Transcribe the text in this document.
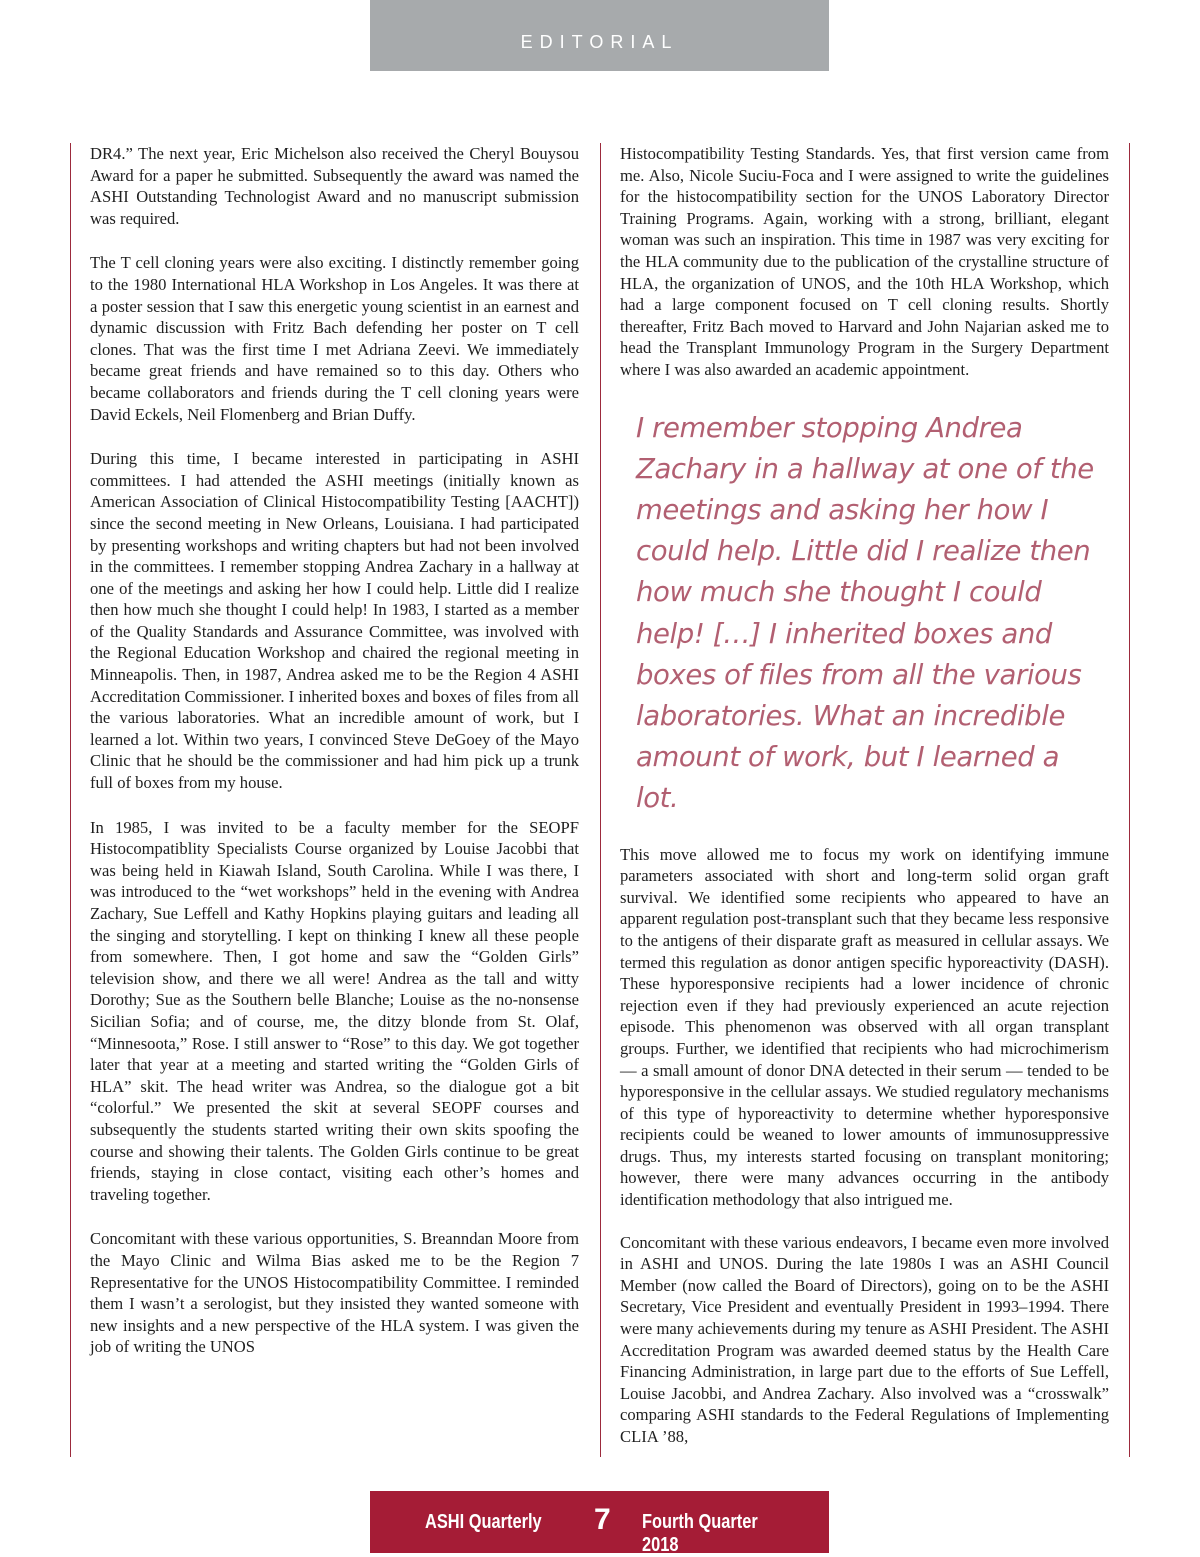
EDITORIAL

DR4.” The next year, Eric Michelson also received the Cheryl Bouysou Award for a paper he submitted. Subsequently the award was named the ASHI Outstanding Technologist Award and no manuscript submission was required.

The T cell cloning years were also exciting. I distinctly remember going to the 1980 International HLA Workshop in Los Angeles. It was there at a poster session that I saw this energetic young scientist in an earnest and dynamic discussion with Fritz Bach defending her poster on T cell clones. That was the first time I met Adriana Zeevi. We immediately became great friends and have remained so to this day. Others who became collaborators and friends during the T cell cloning years were David Eckels, Neil Flomenberg and Brian Duffy.

During this time, I became interested in participating in ASHI committees. I had attended the ASHI meetings (initially known as American Association of Clinical Histocompatibility Testing [AACHT]) since the second meeting in New Orleans, Louisiana. I had participated by presenting workshops and writing chapters but had not been involved in the committees. I remember stopping Andrea Zachary in a hallway at one of the meetings and asking her how I could help. Little did I realize then how much she thought I could help! In 1983, I started as a member of the Quality Standards and Assurance Committee, was involved with the Regional Education Workshop and chaired the regional meeting in Minneapolis. Then, in 1987, Andrea asked me to be the Region 4 ASHI Accreditation Commissioner. I inherited boxes and boxes of files from all the various laboratories. What an incredible amount of work, but I learned a lot. Within two years, I convinced Steve DeGoey of the Mayo Clinic that he should be the commissioner and had him pick up a trunk full of boxes from my house.

In 1985, I was invited to be a faculty member for the SEOPF Histocompatiblity Specialists Course organized by Louise Jacobbi that was being held in Kiawah Island, South Carolina. While I was there, I was introduced to the “wet workshops” held in the evening with Andrea Zachary, Sue Leffell and Kathy Hopkins playing guitars and leading all the singing and storytelling. I kept on thinking I knew all these people from somewhere. Then, I got home and saw the “Golden Girls” television show, and there we all were! Andrea as the tall and witty Dorothy; Sue as the Southern belle Blanche; Louise as the no-nonsense Sicilian Sofia; and of course, me, the ditzy blonde from St. Olaf, “Minnesoota,” Rose. I still answer to “Rose” to this day. We got together later that year at a meeting and started writing the “Golden Girls of HLA” skit. The head writer was Andrea, so the dialogue got a bit “colorful.” We presented the skit at several SEOPF courses and subsequently the students started writing their own skits spoofing the course and showing their talents. The Golden Girls continue to be great friends, staying in close contact, visiting each other’s homes and traveling together.

Concomitant with these various opportunities, S. Breanndan Moore from the Mayo Clinic and Wilma Bias asked me to be the Region 7 Representative for the UNOS Histocompatibility Committee. I reminded them I wasn’t a serologist, but they insisted they wanted someone with new insights and a new perspective of the HLA system. I was given the job of writing the UNOS

Histocompatibility Testing Standards. Yes, that first version came from me. Also, Nicole Suciu-Foca and I were assigned to write the guidelines for the histocompatibility section for the UNOS Laboratory Director Training Programs. Again, working with a strong, brilliant, elegant woman was such an inspiration. This time in 1987 was very exciting for the HLA community due to the publication of the crystalline structure of HLA, the organization of UNOS, and the 10th HLA Workshop, which had a large component focused on T cell cloning results. Shortly thereafter, Fritz Bach moved to Harvard and John Najarian asked me to head the Transplant Immunology Program in the Surgery Department where I was also awarded an academic appointment.

I remember stopping Andrea Zachary in a hallway at one of the meetings and asking her how I could help. Little did I realize then how much she thought I could help! […] I inherited boxes and boxes of files from all the various laboratories. What an incredible amount of work, but I learned a lot.

This move allowed me to focus my work on identifying immune parameters associated with short and long-term solid organ graft survival. We identified some recipients who appeared to have an apparent regulation post-transplant such that they became less responsive to the antigens of their disparate graft as measured in cellular assays. We termed this regulation as donor antigen specific hyporeactivity (DASH). These hyporesponsive recipients had a lower incidence of chronic rejection even if they had previously experienced an acute rejection episode. This phenomenon was observed with all organ transplant groups. Further, we identified that recipients who had microchimerism — a small amount of donor DNA detected in their serum — tended to be hyporesponsive in the cellular assays. We studied regulatory mechanisms of this type of hyporeactivity to determine whether hyporesponsive recipients could be weaned to lower amounts of immunosuppressive drugs. Thus, my interests started focusing on transplant monitoring; however, there were many advances occurring in the antibody identification methodology that also intrigued me.

Concomitant with these various endeavors, I became even more involved in ASHI and UNOS. During the late 1980s I was an ASHI Council Member (now called the Board of Directors), going on to be the ASHI Secretary, Vice President and eventually President in 1993–1994. There were many achievements during my tenure as ASHI President. The ASHI Accreditation Program was awarded deemed status by the Health Care Financing Administration, in large part due to the efforts of Sue Leffell, Louise Jacobbi, and Andrea Zachary. Also involved was a “crosswalk” comparing ASHI standards to the Federal Regulations of Implementing CLIA ’88,

ASHI Quarterly 7 Fourth Quarter 2018
